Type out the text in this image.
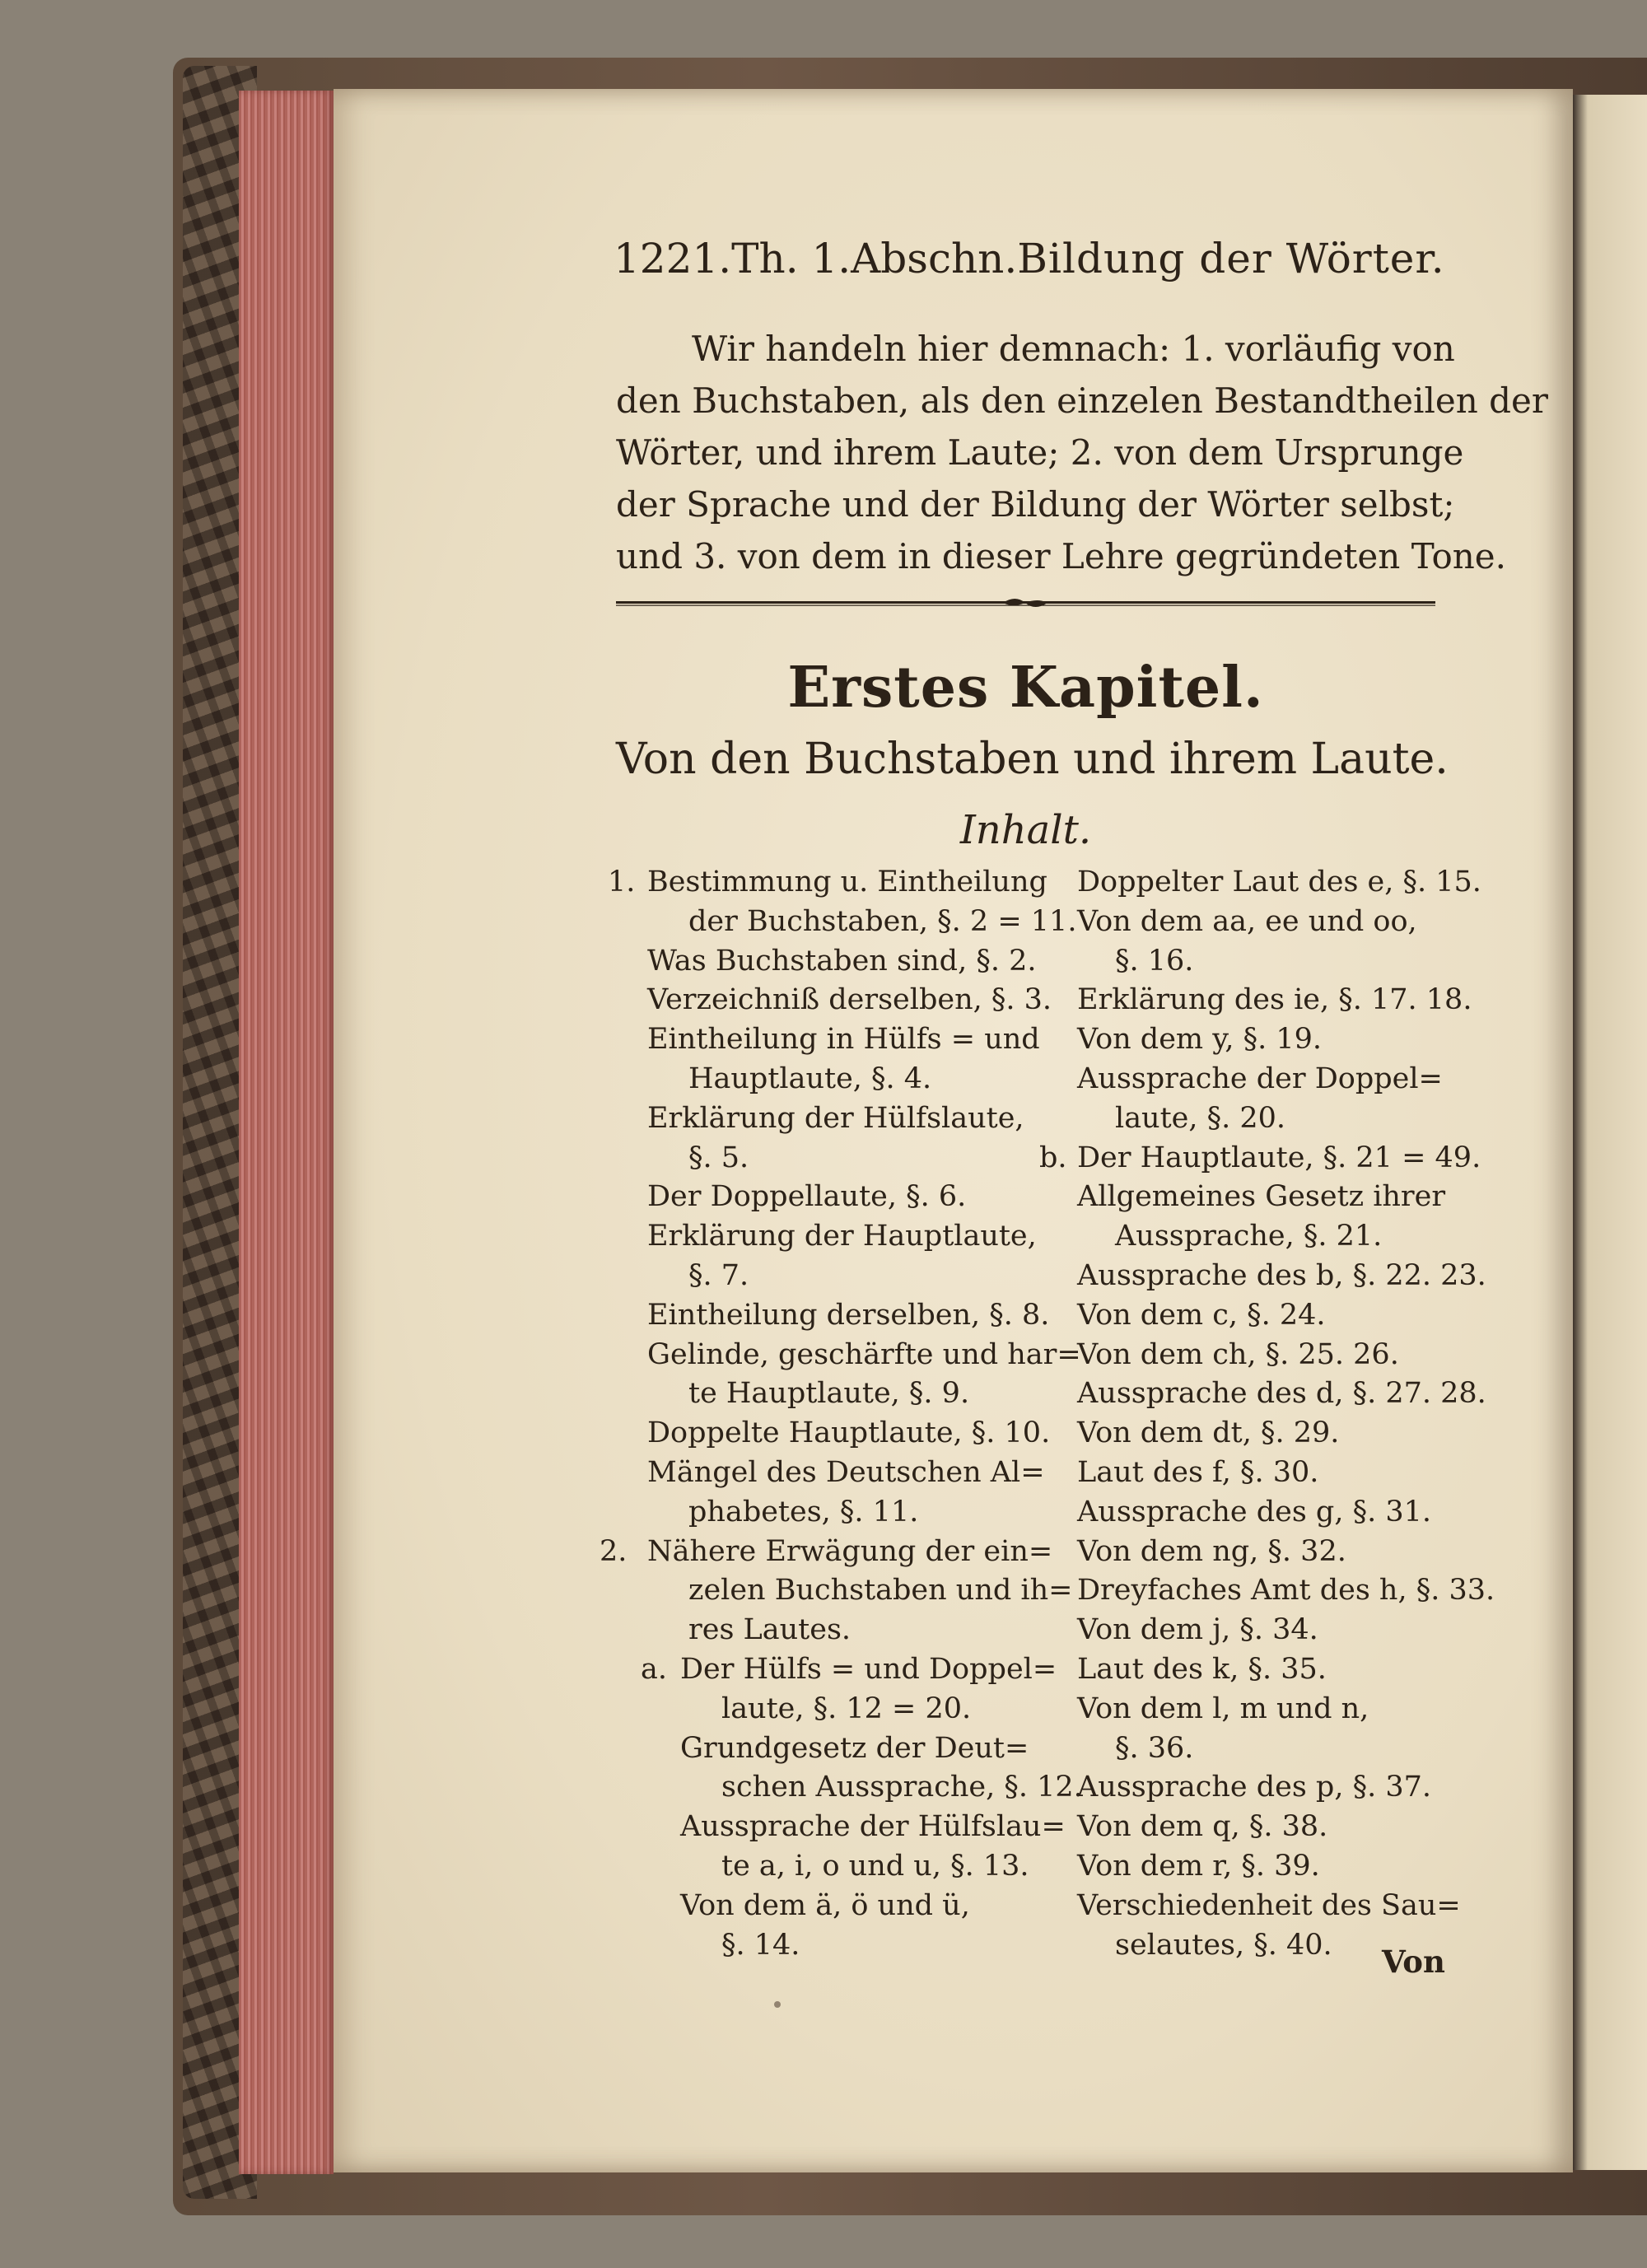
122 1.Th. 1.Abschn. Bildung der Wörter.
Wir handeln hier demnach: 1. vorläufig von
den Buchstaben, als den einzelen Bestandtheilen der
Wörter, und ihrem Laute; 2. von dem Ursprunge
der Sprache und der Bildung der Wörter selbst;
und 3. von dem in dieser Lehre gegründeten Tone.
Erstes Kapitel.
Von den Buchstaben und ihrem Laute.
Inhalt.
1. Bestimmung u. Eintheilung
der Buchstaben, §. 2 = 11.
Was Buchstaben sind, §. 2.
Verzeichniß derselben, §. 3.
Eintheilung in Hülfs = und
Hauptlaute, §. 4.
Erklärung der Hülfslaute,
§. 5.
Der Doppellaute, §. 6.
Erklärung der Hauptlaute,
§. 7.
Eintheilung derselben, §. 8.
Gelinde, geschärfte und har=
te Hauptlaute, §. 9.
Doppelte Hauptlaute, §. 10.
Mängel des Deutschen Al=
phabetes, §. 11.
2. Nähere Erwägung der ein=
zelen Buchstaben und ih=
res Lautes.
a. Der Hülfs = und Doppel=
laute, §. 12 = 20.
Grundgesetz der Deut=
schen Aussprache, §. 12.
Aussprache der Hülfslau=
te a, i, o und u, §. 13.
Von dem ä, ö und ü,
§. 14.
Doppelter Laut des e, §. 15.
Von dem aa, ee und oo,
§. 16.
Erklärung des ie, §. 17. 18.
Von dem y, §. 19.
Aussprache der Doppel=
laute, §. 20.
b. Der Hauptlaute, §. 21 = 49.
Allgemeines Gesetz ihrer
Aussprache, §. 21.
Aussprache des b, §. 22. 23.
Von dem c, §. 24.
Von dem ch, §. 25. 26.
Aussprache des d, §. 27. 28.
Von dem dt, §. 29.
Laut des f, §. 30.
Aussprache des g, §. 31.
Von dem ng, §. 32.
Dreyfaches Amt des h, §. 33.
Von dem j, §. 34.
Laut des k, §. 35.
Von dem l, m und n,
§. 36.
Aussprache des p, §. 37.
Von dem q, §. 38.
Von dem r, §. 39.
Verschiedenheit des Sau=
selautes, §. 40. Von
